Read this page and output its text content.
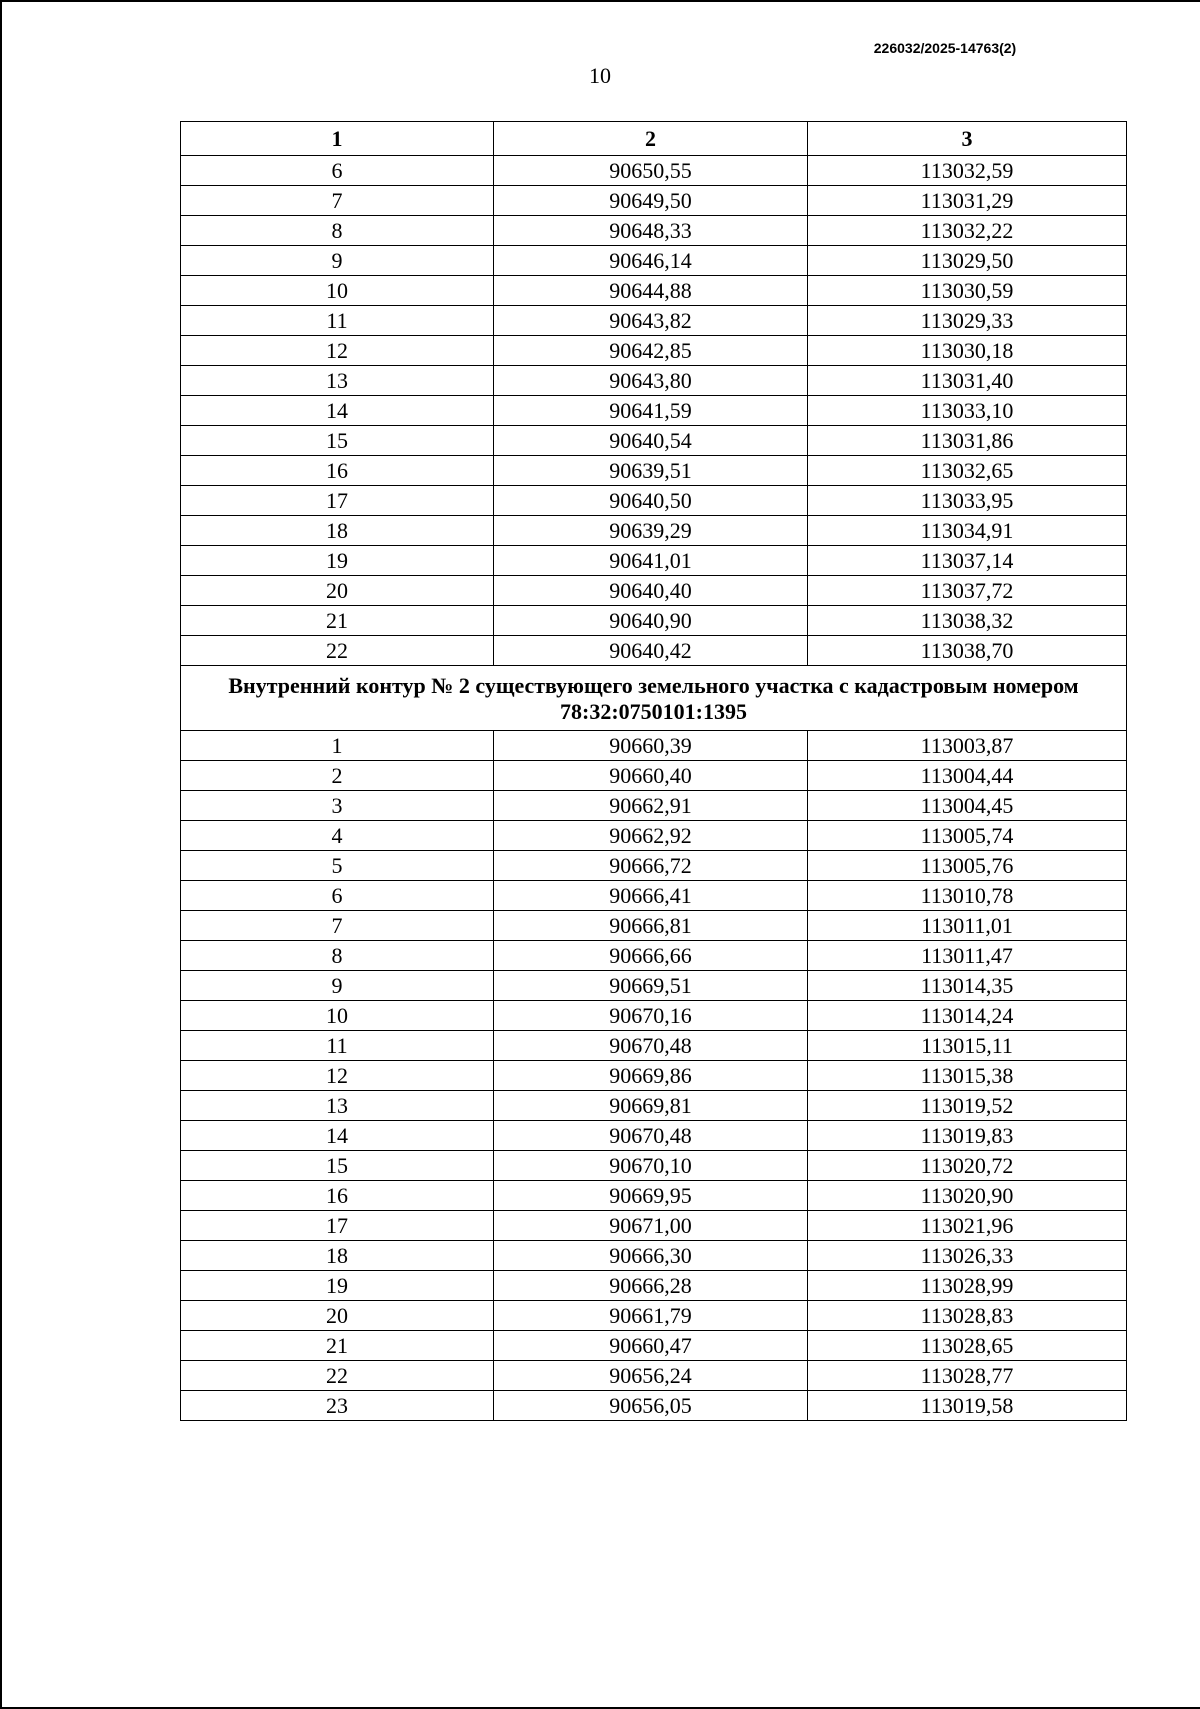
226032/2025-14763(2)
10
1	2	3
6	90650,55	113032,59
7	90649,50	113031,29
8	90648,33	113032,22
9	90646,14	113029,50
10	90644,88	113030,59
11	90643,82	113029,33
12	90642,85	113030,18
13	90643,80	113031,40
14	90641,59	113033,10
15	90640,54	113031,86
16	90639,51	113032,65
17	90640,50	113033,95
18	90639,29	113034,91
19	90641,01	113037,14
20	90640,40	113037,72
21	90640,90	113038,32
22	90640,42	113038,70
Внутренний контур № 2 существующего земельного участка с кадастровым номером 78:32:0750101:1395		
1	90660,39	113003,87
2	90660,40	113004,44
3	90662,91	113004,45
4	90662,92	113005,74
5	90666,72	113005,76
6	90666,41	113010,78
7	90666,81	113011,01
8	90666,66	113011,47
9	90669,51	113014,35
10	90670,16	113014,24
11	90670,48	113015,11
12	90669,86	113015,38
13	90669,81	113019,52
14	90670,48	113019,83
15	90670,10	113020,72
16	90669,95	113020,90
17	90671,00	113021,96
18	90666,30	113026,33
19	90666,28	113028,99
20	90661,79	113028,83
21	90660,47	113028,65
22	90656,24	113028,77
23	90656,05	113019,58
